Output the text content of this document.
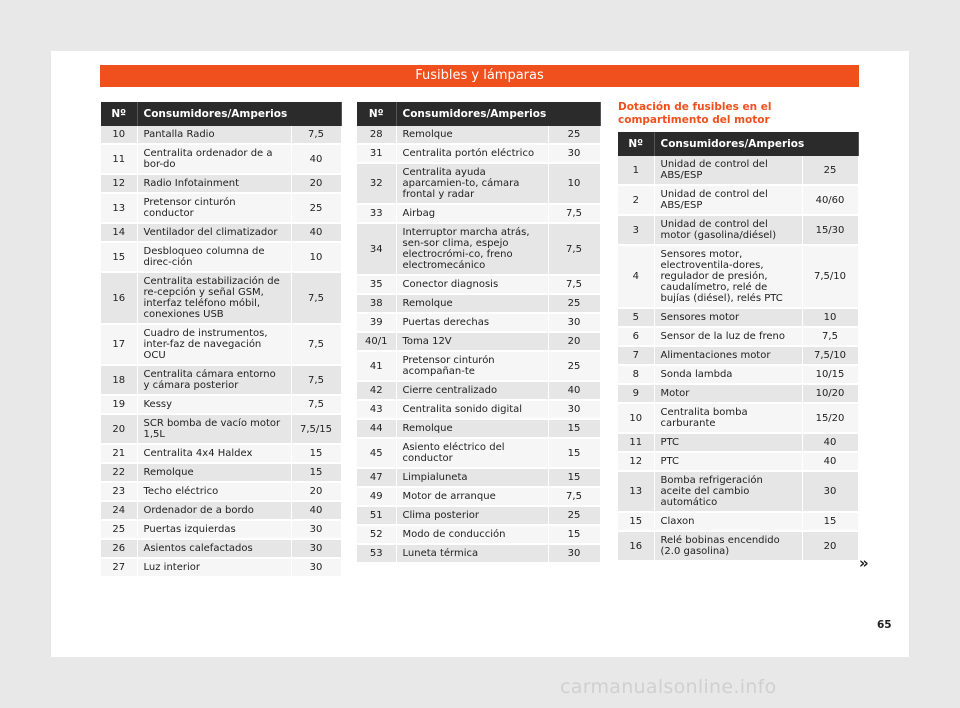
Fusibles y lámparas
Nº	Consumidores/Amperios	
10	Pantalla Radio	7,5
11	Centralita ordenador de a bor-do	40
12	Radio Infotainment	20
13	Pretensor cinturón conductor	25
14	Ventilador del climatizador	40
15	Desbloqueo columna de direc-ción	10
16	Centralita estabilización de re-cepción y señal GSM, interfaz teléfono móbil, conexiones USB	7,5
17	Cuadro de instrumentos, inter-faz de navegación OCU	7,5
18	Centralita cámara entorno y cámara posterior	7,5
19	Kessy	7,5
20	SCR bomba de vacío motor 1,5L	7,5/15
21	Centralita 4x4 Haldex	15
22	Remolque	15
23	Techo eléctrico	20
24	Ordenador de a bordo	40
25	Puertas izquierdas	30
26	Asientos calefactados	30
27	Luz interior	30
Nº	Consumidores/Amperios	
28	Remolque	25
31	Centralita portón eléctrico	30
32	Centralita ayuda aparcamien-to, cámara frontal y radar	10
33	Airbag	7,5
34	Interruptor marcha atrás, sen-sor clima, espejo electrocrómi-co, freno electromecánico	7,5
35	Conector diagnosis	7,5
38	Remolque	25
39	Puertas derechas	30
40/1	Toma 12V	20
41	Pretensor cinturón acompañan-te	25
42	Cierre centralizado	40
43	Centralita sonido digital	30
44	Remolque	15
45	Asiento eléctrico del conductor	15
47	Limpialuneta	15
49	Motor de arranque	7,5
51	Clima posterior	25
52	Modo de conducción	15
53	Luneta térmica	30
Dotación de fusibles en el compartimento del motor
Nº	Consumidores/Amperios	
1	Unidad de control del ABS/ESP	25
2	Unidad de control del ABS/ESP	40/60
3	Unidad de control del motor (gasolina/diésel)	15/30
4	Sensores motor, electroventila-dores, regulador de presión, caudalímetro, relé de bujías (diésel), relés PTC	7,5/10
5	Sensores motor	10
6	Sensor de la luz de freno	7,5
7	Alimentaciones motor	7,5/10
8	Sonda lambda	10/15
9	Motor	10/20
10	Centralita bomba carburante	15/20
11	PTC	40
12	PTC	40
13	Bomba refrigeración aceite del cambio automático	30
15	Claxon	15
16	Relé bobinas encendido (2.0 gasolina)	20
»
65
carmanualsonline.info
